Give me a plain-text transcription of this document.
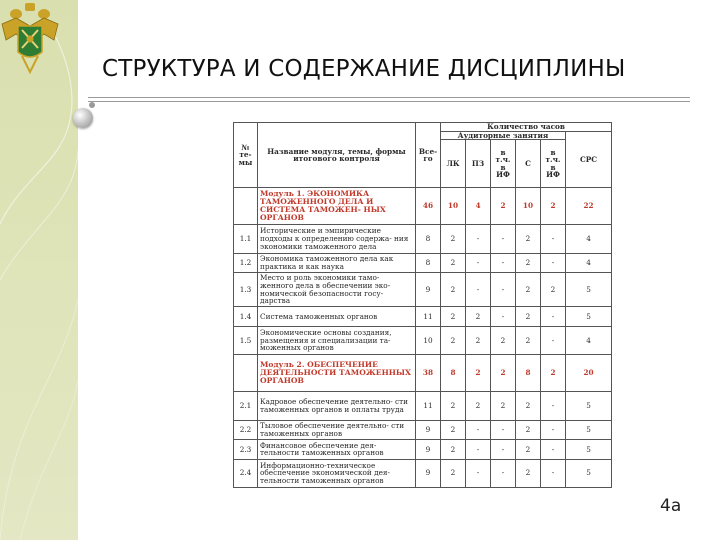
СТРУКТУРА И СОДЕРЖАНИЕ ДИСЦИПЛИНЫ
№ те- мы	Название модуля, темы, формы итогового контроля	Все- го	Количество часов					
			Аудиторные занятия					СРС
			ЛК	ПЗ	в т.ч. в ИФ	С	в т.ч. в ИФ	
	Модуль 1. ЭКОНОМИКА ТАМОЖЕННОГО ДЕЛА И СИСТЕМА ТАМОЖЕН- НЫХ ОРГАНОВ	46	10	4	2	10	2	22
1.1	Исторические и эмпирические подходы к определению содержа- ния экономики таможенного дела	8	2	-	-	2	-	4
1.2	Экономика таможенного дела как практика и как наука	8	2	-	-	2	-	4
1.3	Место и роль экономики тамо- женного дела в обеспечении эко- номической безопасности госу- дарства	9	2	-	-	2	2	5
1.4	Система таможенных органов	11	2	2	-	2	-	5
1.5	Экономические основы создания, размещения и специализации та- моженных органов	10	2	2	2	2	-	4
	Модуль 2. ОБЕСПЕЧЕНИЕ ДЕЯТЕЛЬНОСТИ ТАМОЖЕННЫХ ОРГАНОВ	38	8	2	2	8	2	20
2.1	Кадровое обеспечение деятельно- сти таможенных органов и оплаты труда	11	2	2	2	2	-	5
2.2	Тыловое обеспечение деятельно- сти таможенных органов	9	2	-	-	2	-	5
2.3	Финансовое обеспечение дея- тельности таможенных органов	9	2	-	-	2	-	5
2.4	Информационно-техническое обеспечение экономической дея- тельности таможенных органов	9	2	-	-	2	-	5
4а
